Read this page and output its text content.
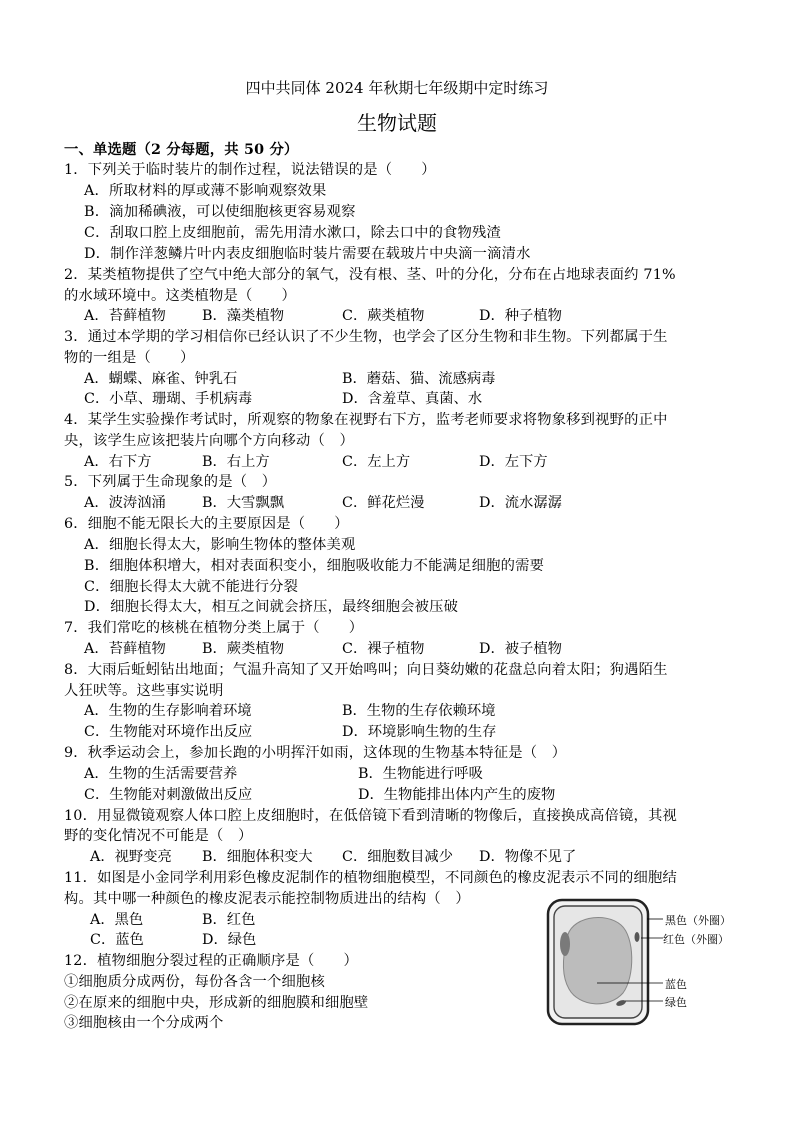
四中共同体 2024 年秋期七年级期中定时练习
生物试题
一、单选题（2 分每题，共 50 分）
1．下列关于临时装片的制作过程，说法错误的是（　　）
A．所取材料的厚或薄不影响观察效果
B．滴加稀碘液，可以使细胞核更容易观察
C．刮取口腔上皮细胞前，需先用清水漱口，除去口中的食物残渣
D．制作洋葱鳞片叶内表皮细胞临时装片需要在载玻片中央滴一滴清水
2．某类植物提供了空气中绝大部分的氧气，没有根、茎、叶的分化，分布在占地球表面约 71%
的水域环境中。这类植物是（　　）
A．苔藓植物	B．藻类植物	C．蕨类植物	D．种子植物
3．通过本学期的学习相信你已经认识了不少生物，也学会了区分生物和非生物。下列都属于生
物的一组是（　　）
A．蝴蝶、麻雀、钟乳石	B．蘑菇、猫、流感病毒
C．小草、珊瑚、手机病毒	D．含羞草、真菌、水
4．某学生实验操作考试时，所观察的物象在视野右下方，监考老师要求将物象移到视野的正中
央，该学生应该把装片向哪个方向移动（　）
A．右下方	B．右上方	C．左上方	D．左下方
5．下列属于生命现象的是（　）
A．波涛汹涌	B．大雪飘飘	C．鲜花烂漫	D．流水潺潺
6．细胞不能无限长大的主要原因是（　　）
A．细胞长得太大，影响生物体的整体美观
B．细胞体积增大，相对表面积变小，细胞吸收能力不能满足细胞的需要
C．细胞长得太大就不能进行分裂
D．细胞长得太大，相互之间就会挤压，最终细胞会被压破
7．我们常吃的核桃在植物分类上属于（　　）
A．苔藓植物	B．蕨类植物	C．裸子植物	D．被子植物
8．大雨后蚯蚓钻出地面；气温升高知了又开始鸣叫；向日葵幼嫩的花盘总向着太阳；狗遇陌生
人狂吠等。这些事实说明
A．生物的生存影响着环境	B．生物的生存依赖环境
C．生物能对环境作出反应	D．环境影响生物的生存
9．秋季运动会上，参加长跑的小明挥汗如雨，这体现的生物基本特征是（　）
A．生物的生活需要营养	B．生物能进行呼吸
C．生物能对刺激做出反应	D．生物能排出体内产生的废物
10．用显微镜观察人体口腔上皮细胞时，在低倍镜下看到清晰的物像后，直接换成高倍镜，其视
野的变化情况不可能是（　）
A．视野变亮 B．细胞体积变大 C．细胞数目减少 D．物像不见了
11．如图是小金同学利用彩色橡皮泥制作的植物细胞模型，不同颜色的橡皮泥表示不同的细胞结
构。其中哪一种颜色的橡皮泥表示能控制物质进出的结构（　）
A．黑色	B．红色
C．蓝色	D．绿色
12．植物细胞分裂过程的正确顺序是（　　）
①细胞质分成两份，每份各含一个细胞核
②在原来的细胞中央，形成新的细胞膜和细胞壁
③细胞核由一个分成两个
黑色（外圈）
红色（外圈）
蓝色
绿色
